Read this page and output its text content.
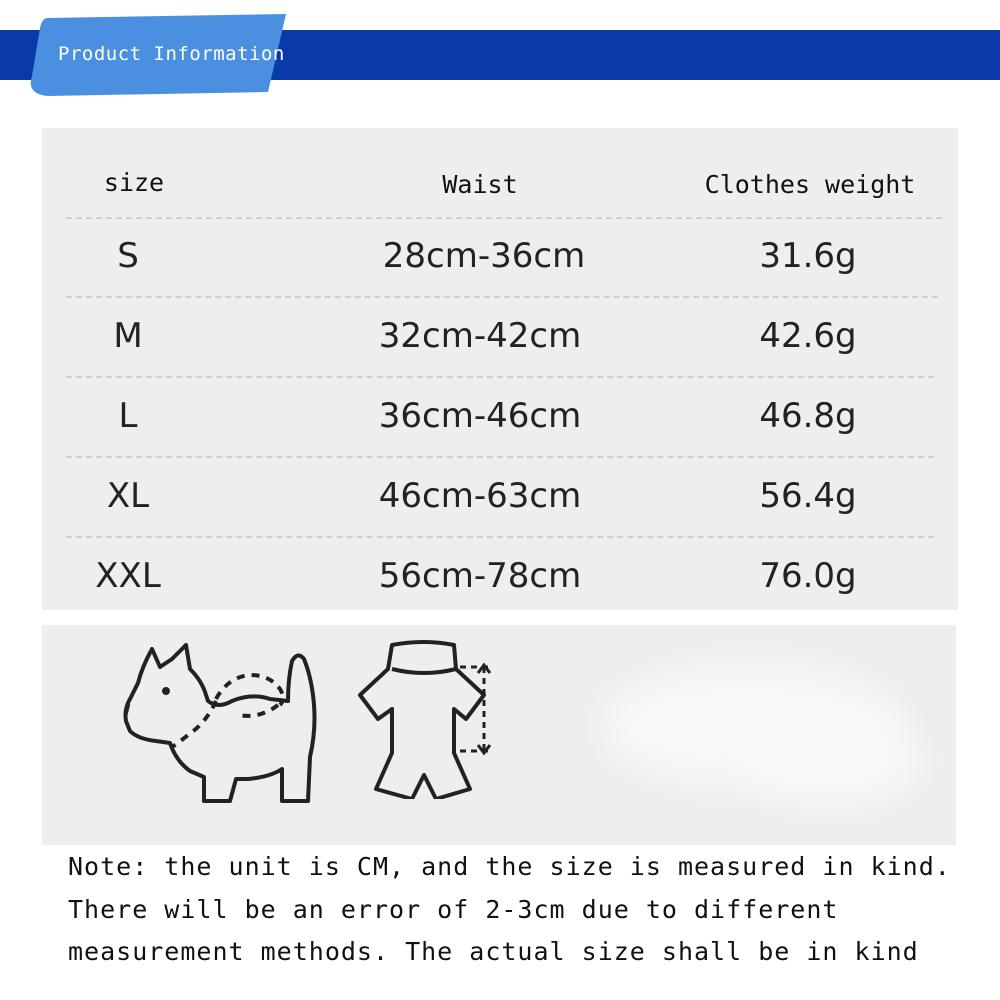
Product Information
size	Waist	Clothes weight
S	28cm-36cm	31.6g
M	32cm-42cm	42.6g
L	36cm-46cm	46.8g
XL	46cm-63cm	56.4g
XXL	56cm-78cm	76.0g
Note: the unit is CM, and the size is measured in kind.
There will be an error of 2-3cm due to different
measurement methods. The actual size shall be in kind
